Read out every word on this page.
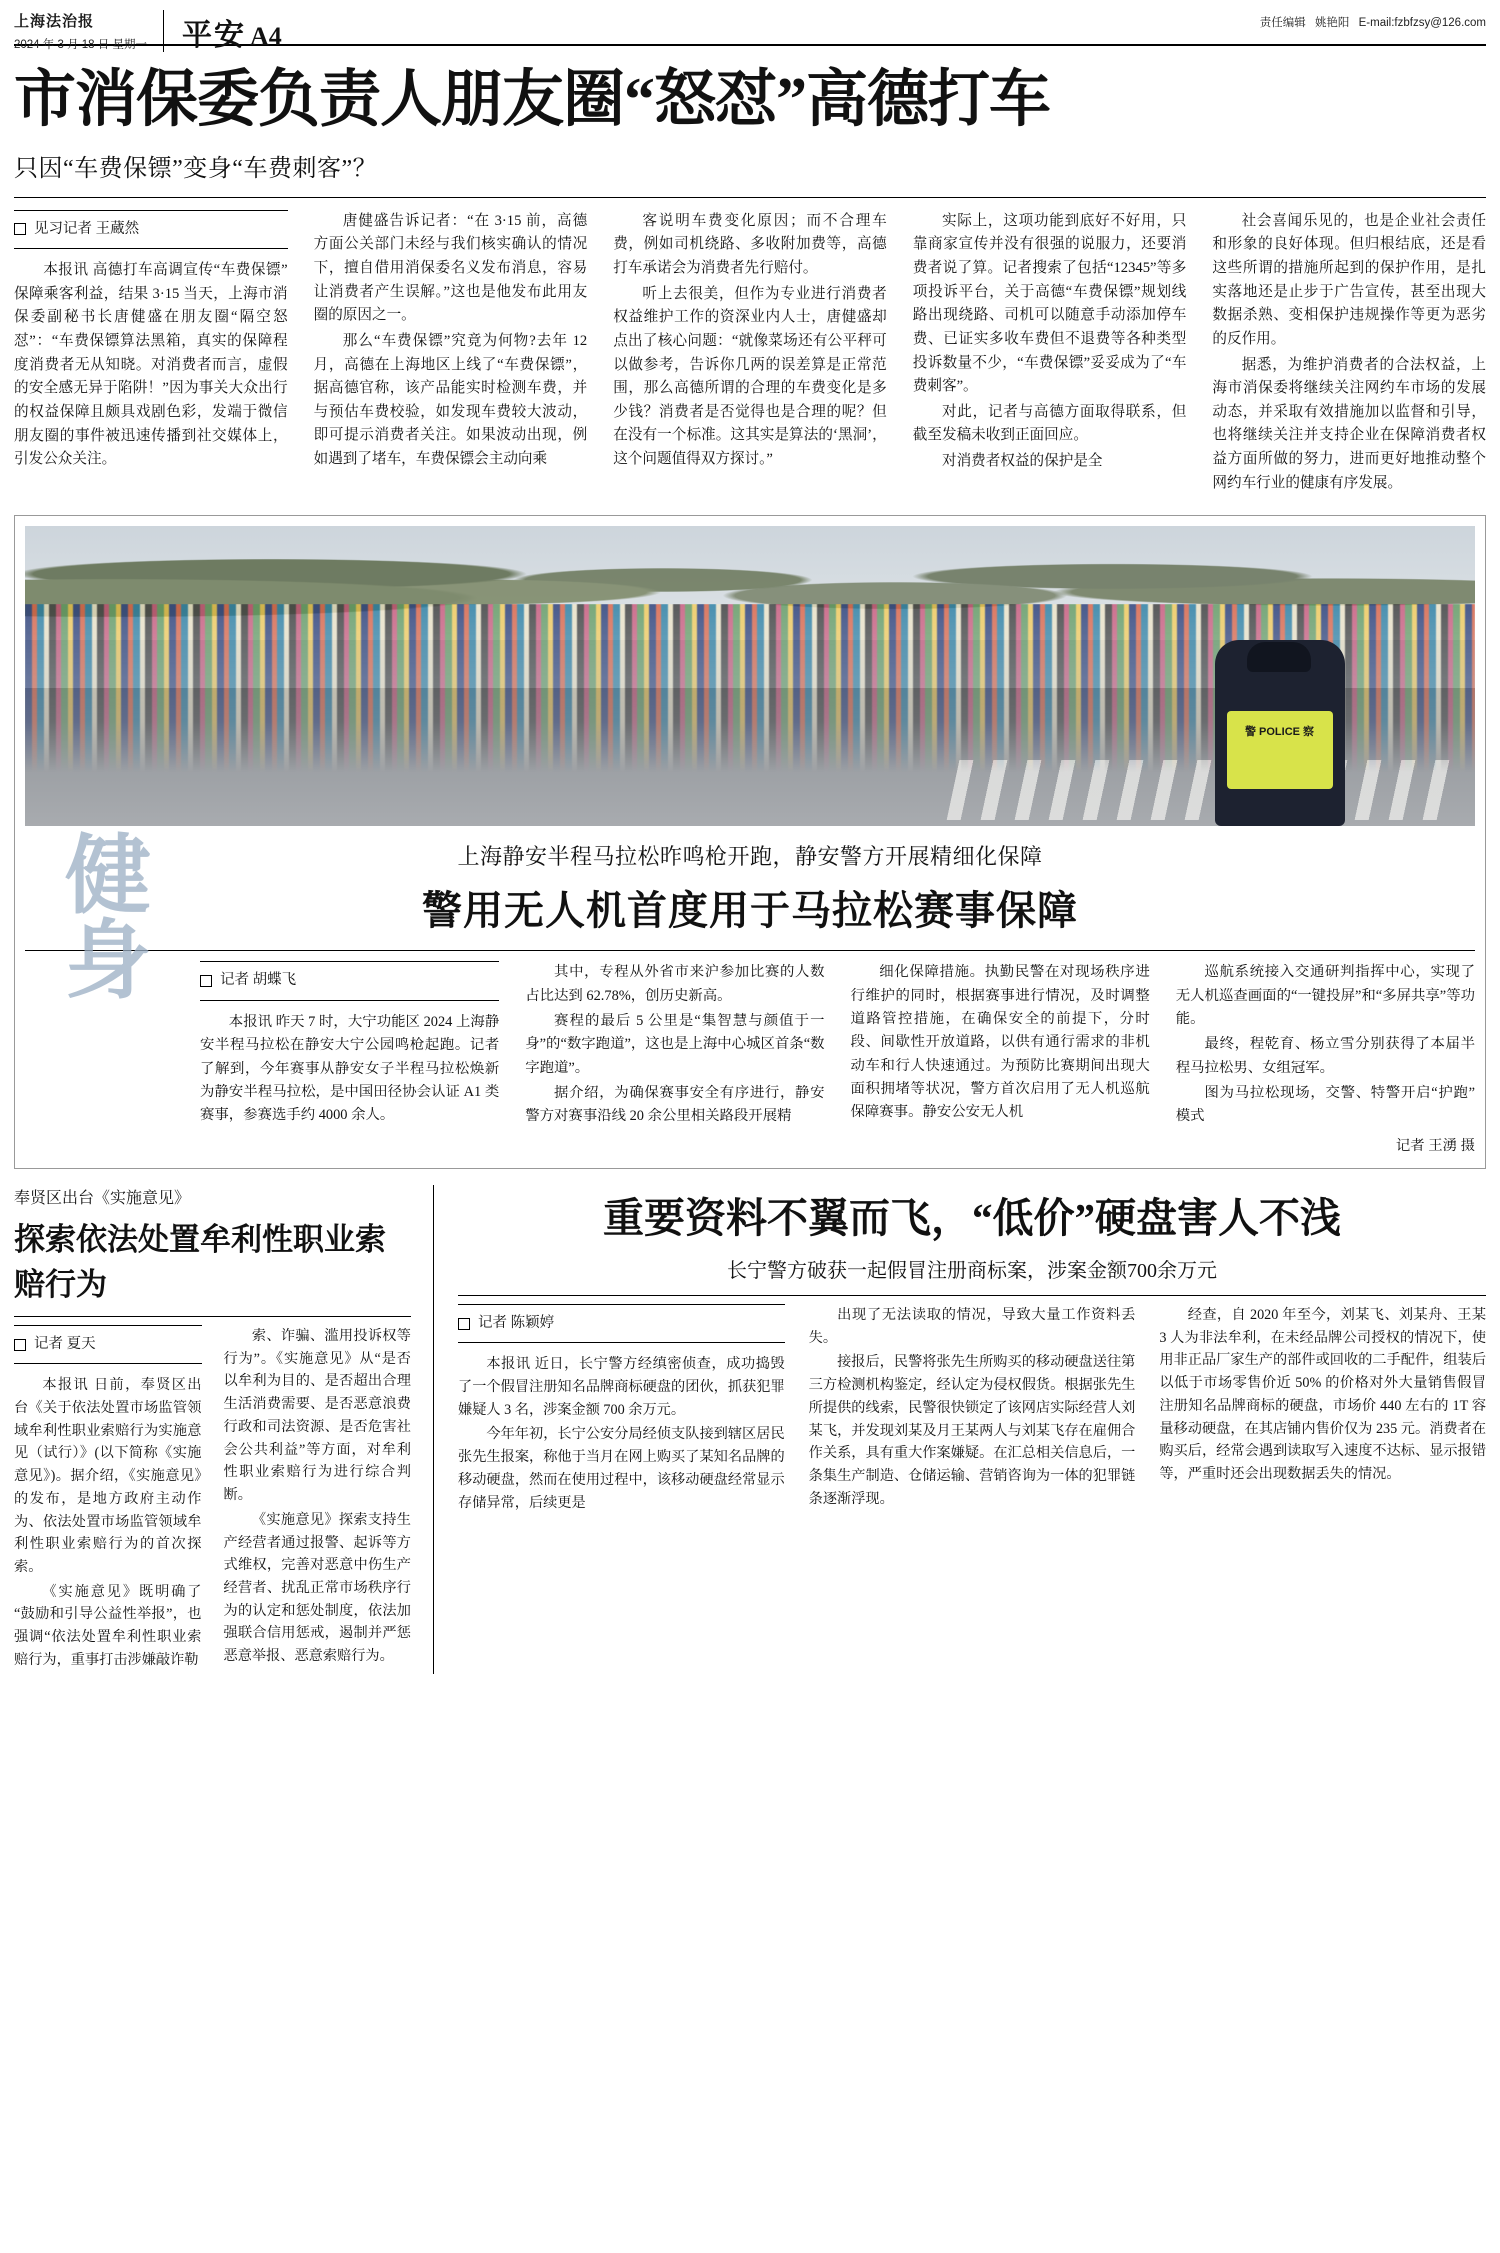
上海法治报
2024 年 3 月 18 日 星期一 平安 A4	责任编辑 姚艳阳 E-mail:fzbfzsy@126.com
市消保委负责人朋友圈“怒怼”高德打车
只因“车费保镖”变身“车费刺客”？
见习记者 王蔵然

本报讯 高德打车高调宣传“车费保镖”保障乘客利益，结果 3·15 当天，上海市消保委副秘书长唐健盛在朋友圈“隔空怒怼”：“车费保镖算法黑箱，真实的保障程度消费者无从知晓。对消费者而言，虚假的安全感无异于陷阱！”因为事关大众出行的权益保障且颇具戏剧色彩，发端于微信朋友圈的事件被迅速传播到社交媒体上，引发公众关注。

唐健盛告诉记者：“在 3·15 前，高德方面公关部门未经与我们核实确认的情况下，擅自借用消保委名义发布消息，容易让消费者产生误解。”这也是他发布此用友圈的原因之一。

那么“车费保镖”究竟为何物?去年 12 月，高德在上海地区上线了“车费保镖”，据高德官称，该产品能实时检测车费，并与预估车费校验，如发现车费较大波动，即可提示消费者关注。如果波动出现，例如遇到了堵车，车费保镖会主动向乘

客说明车费变化原因；而不合理车费，例如司机绕路、多收附加费等，高德打车承诺会为消费者先行赔付。

听上去很美，但作为专业进行消费者权益维护工作的资深业内人士，唐健盛却点出了核心问题：“就像菜场还有公平秤可以做参考，告诉你几两的误差算是正常范围，那么高德所谓的合理的车费变化是多少钱？消费者是否觉得也是合理的呢？但在没有一个标准。这其实是算法的‘黑洞’，这个问题值得双方探讨。”

实际上，这项功能到底好不好用，只靠商家宣传并没有很强的说服力，还要消费者说了算。记者搜索了包括“12345”等多项投诉平台，关于高德“车费保镖”规划线路出现绕路、司机可以随意手动添加停车费、已证实多收车费但不退费等各种类型投诉数量不少，“车费保镖”妥妥成为了“车费刺客”。

对此，记者与高德方面取得联系，但截至发稿未收到正面回应。

对消费者权益的保护是全

社会喜闻乐见的，也是企业社会责任和形象的良好体现。但归根结底，还是看这些所谓的措施所起到的保护作用，是扎实落地还是止步于广告宣传，甚至出现大数据杀熟、变相保护违规操作等更为恶劣的反作用。

据悉，为维护消费者的合法权益，上海市消保委将继续关注网约车市场的发展动态，并采取有效措施加以监督和引导，也将继续关注并支持企业在保障消费者权益方面所做的努力，进而更好地推动整个网约车行业的健康有序发展。

警 POLICE 察
健身
上海静安半程马拉松昨鸣枪开跑，静安警方开展精细化保障
警用无人机首度用于马拉松赛事保障
记者 胡蝶飞

本报讯 昨天 7 时，大宁功能区 2024 上海静安半程马拉松在静安大宁公园鸣枪起跑。记者了解到，今年赛事从静安女子半程马拉松焕新为静安半程马拉松，是中国田径协会认证 A1 类赛事，参赛选手约 4000 余人。

其中，专程从外省市来沪参加比赛的人数占比达到 62.78%，创历史新高。

赛程的最后 5 公里是“集智慧与颜值于一身”的“数字跑道”，这也是上海中心城区首条“数字跑道”。

据介绍，为确保赛事安全有序进行，静安警方对赛事沿线 20 余公里相关路段开展精

细化保障措施。执勤民警在对现场秩序进行维护的同时，根据赛事进行情况，及时调整道路管控措施，在确保安全的前提下，分时段、间歇性开放道路，以供有通行需求的非机动车和行人快速通过。为预防比赛期间出现大面积拥堵等状况，警方首次启用了无人机巡航保障赛事。静安公安无人机

巡航系统接入交通研判指挥中心，实现了无人机巡查画面的“一键投屏”和“多屏共享”等功能。

最终，程乾育、杨立雪分别获得了本届半程马拉松男、女组冠军。

图为马拉松现场，交警、特警开启“护跑”模式

记者 王湧 摄
奉贤区出台《实施意见》
探索依法处置牟利性职业索赔行为
记者 夏天

本报讯 日前，奉贤区出台《关于依法处置市场监管领域牟利性职业索赔行为实施意见（试行）》(以下简称《实施意见》)。据介绍，《实施意见》的发布，是地方政府主动作为、依法处置市场监管领域牟利性职业索赔行为的首次探索。

《实施意见》既明确了“鼓励和引导公益性举报”，也强调“依法处置牟利性职业索赔行为，重事打击涉嫌敲诈勒

索、诈骗、滥用投诉权等行为”。《实施意见》从“是否以牟利为目的、是否超出合理生活消费需要、是否恶意浪费行政和司法资源、是否危害社会公共利益”等方面，对牟利性职业索赔行为进行综合判断。

《实施意见》探索支持生产经营者通过报警、起诉等方式维权，完善对恶意中伤生产经营者、扰乱正常市场秩序行为的认定和惩处制度，依法加强联合信用惩戒，遏制并严惩恶意举报、恶意索赔行为。

重要资料不翼而飞，“低价”硬盘害人不浅
长宁警方破获一起假冒注册商标案，涉案金额700余万元
记者 陈颖婷

本报讯 近日，长宁警方经缜密侦查，成功捣毁了一个假冒注册知名品牌商标硬盘的团伙，抓获犯罪嫌疑人 3 名，涉案金额 700 余万元。

今年年初，长宁公安分局经侦支队接到辖区居民张先生报案，称他于当月在网上购买了某知名品牌的移动硬盘，然而在使用过程中，该移动硬盘经常显示存储异常，后续更是

出现了无法读取的情况，导致大量工作资料丢失。

接报后，民警将张先生所购买的移动硬盘送往第三方检测机构鉴定，经认定为侵权假货。根据张先生所提供的线索，民警很快锁定了该网店实际经营人刘某飞，并发现刘某及月王某两人与刘某飞存在雇佣合作关系，具有重大作案嫌疑。在汇总相关信息后，一条集生产制造、仓储运输、营销咨询为一体的犯罪链条逐渐浮现。

经查，自 2020 年至今，刘某飞、刘某舟、王某 3 人为非法牟利，在未经品牌公司授权的情况下，使用非正品厂家生产的部件或回收的二手配件，组装后以低于市场零售价近 50% 的价格对外大量销售假冒注册知名品牌商标的硬盘，市场价 440 左右的 1T 容量移动硬盘，在其店铺内售价仅为 235 元。消费者在购买后，经常会遇到读取写入速度不达标、显示报错等，严重时还会出现数据丢失的情况。
